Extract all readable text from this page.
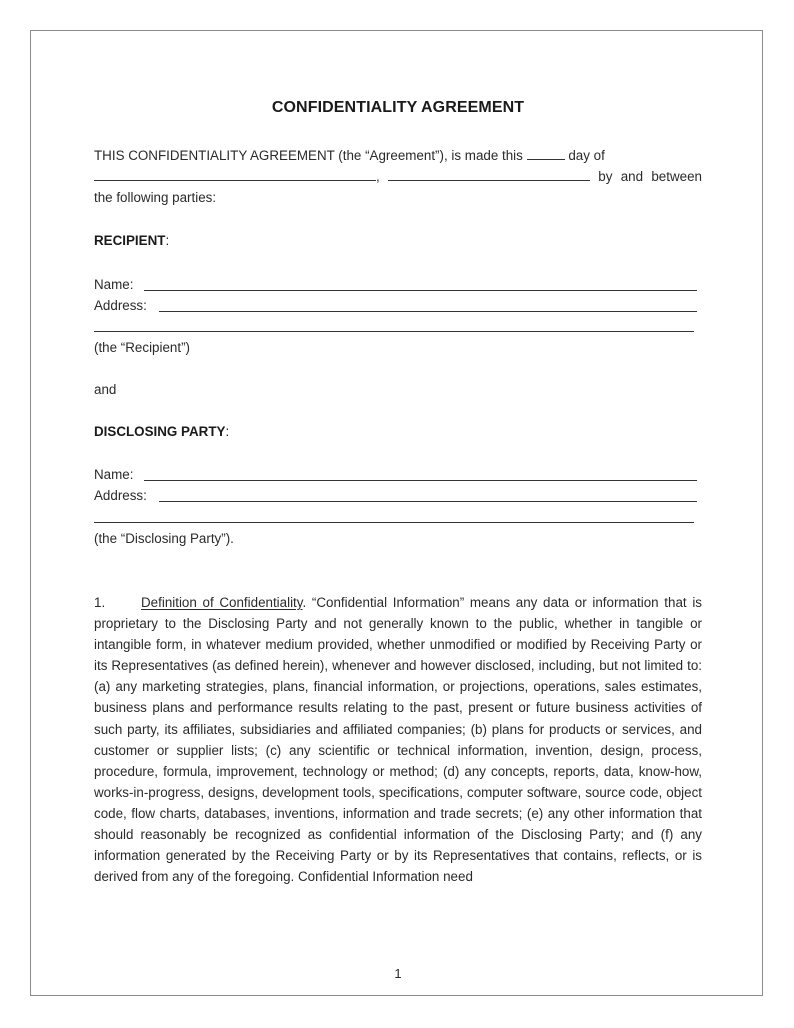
CONFIDENTIALITY AGREEMENT
THIS CONFIDENTIALITY AGREEMENT (the “Agreement”), is made this	day of
,	by and between the following parties:
RECIPIENT:
Name:
Address:
(the “Recipient”)
and
DISCLOSING PARTY:
Name:
Address:
(the “Disclosing Party”).
1.	Definition of Confidentiality. “Confidential Information” means any data or information that is proprietary to the Disclosing Party and not generally known to the public, whether in tangible or intangible form, in whatever medium provided, whether unmodified or modified by Receiving Party or its Representatives (as defined herein), whenever and however disclosed, including, but not limited to: (a) any marketing strategies, plans, financial information, or projections, operations, sales estimates, business plans and performance results relating to the past, present or future business activities of such party, its affiliates, subsidiaries and affiliated companies; (b) plans for products or services, and customer or supplier lists; (c) any scientific or technical information, invention, design, process, procedure, formula, improvement, technology or method; (d) any concepts, reports, data, know-how, works-in-progress, designs, development tools, specifications, computer software, source code, object code, flow charts, databases, inventions, information and trade secrets; (e) any other information that should reasonably be recognized as confidential information of the Disclosing Party; and (f) any information generated by the Receiving Party or by its Representatives that contains, reflects, or is derived from any of the foregoing. Confidential Information need
1
